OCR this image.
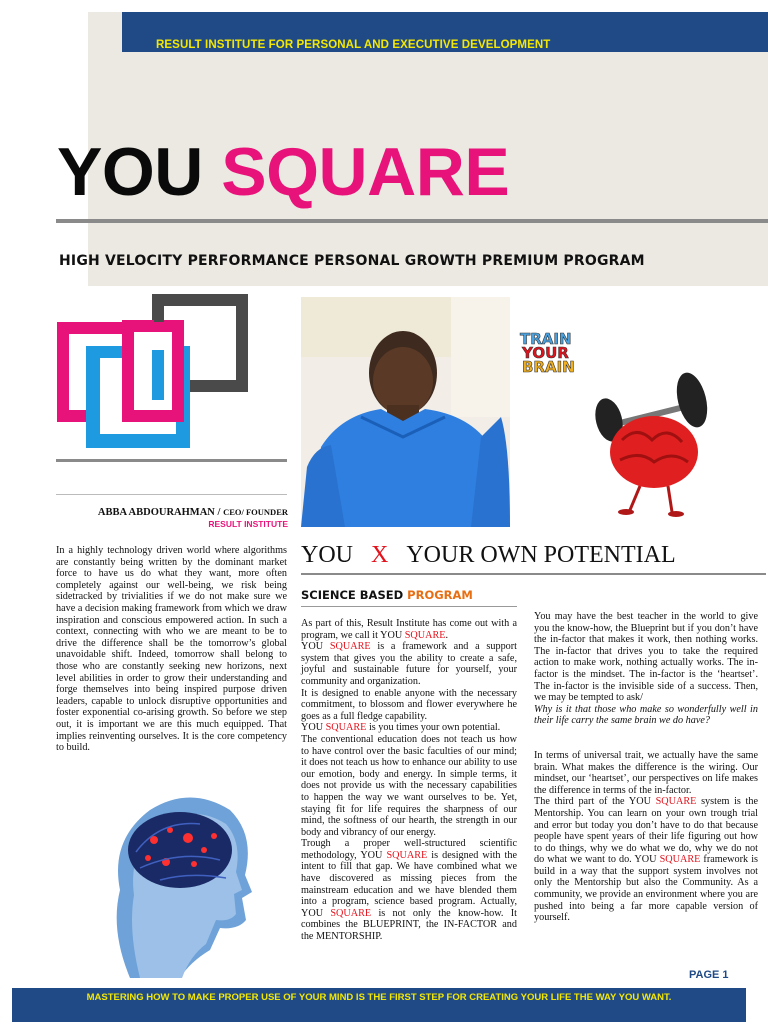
RESULT INSTITUTE FOR PERSONAL AND EXECUTIVE DEVELOPMENT
YOU SQUARE
HIGH VELOCITY PERFORMANCE PERSONAL GROWTH PREMIUM PROGRAM
ABBA ABDOURAHMAN / CEO/ FOUNDER
RESULT INSTITUTE
TRAIN
YOUR
BRAIN
YOU X YOUR OWN POTENTIAL
SCIENCE BASED PROGRAM

In a highly technology driven world where algorithms are constantly being written by the dominant market force to have us do what they want, more often completely against our well-being, we risk being sidetracked by trivialities if we do not make sure we have a decision making framework from which we draw inspiration and conscious empowered action. In such a context, connecting with who we are meant to be to drive the difference shall be the tomorrow’s global unavoidable shift. Indeed, tomorrow shall belong to those who are constantly seeking new horizons, next level abilities in order to grow their understanding and forge themselves into being inspired purpose driven leaders, capable to unlock disruptive opportunities and foster exponential co-arising growth. So before we step out, it is important we are this much equipped. That implies reinventing ourselves. It is the core competency to build.

As part of this, Result Institute has come out with a program, we call it YOU SQUARE.

YOU SQUARE is a framework and a support system that gives you the ability to create a safe, joyful and sustainable future for yourself, your community and organization.

It is designed to enable anyone with the necessary commitment, to blossom and flower everywhere he goes as a full fledge capability.

YOU SQUARE is you times your own potential.

The conventional education does not teach us how to have control over the basic faculties of our mind; it does not teach us how to enhance our ability to use our emotion, body and energy. In simple terms, it does not provide us with the necessary capabilities to happen the way we want ourselves to be. Yet, staying fit for life requires the sharpness of our mind, the softness of our hearth, the strength in our body and vibrancy of our energy.

Trough a proper well-structured scientific methodology, YOU SQUARE is designed with the intent to fill that gap. We have combined what we have discovered as missing pieces from the mainstream education and we have blended them into a program, science based program. Actually, YOU SQUARE is not only the know-how. It combines the BLUEPRINT, the IN-FACTOR and the MENTORSHIP.

You may have the best teacher in the world to give you the know-how, the Blueprint but if you don’t have the in-factor that makes it work, then nothing works. The in-factor that drives you to take the required action to make work, nothing actually works. The in-factor is the mindset. The in-factor is the ‘heartset’. The in-factor is the invisible side of a success. Then, we may be tempted to ask/

Why is it that those who make so wonderfully well in their life carry the same brain we do have?

In terms of universal trait, we actually have the same brain. What makes the difference is the wiring. Our mindset, our ‘heartset’, our perspectives on life makes the difference in terms of the in-factor.

The third part of the YOU SQUARE system is the Mentorship. You can learn on your own trough trial and error but today you don’t have to do that because people have spent years of their life figuring out how to do things, why we do what we do, why we do not do what we want to do. YOU SQUARE framework is build in a way that the support system involves not only the Mentorship but also the Community. As a community, we provide an environment where you are pushed into being a far more capable version of yourself.

PAGE 1
MASTERING HOW TO MAKE PROPER USE OF YOUR MIND IS THE FIRST STEP FOR CREATING YOUR LIFE THE WAY YOU WANT.
